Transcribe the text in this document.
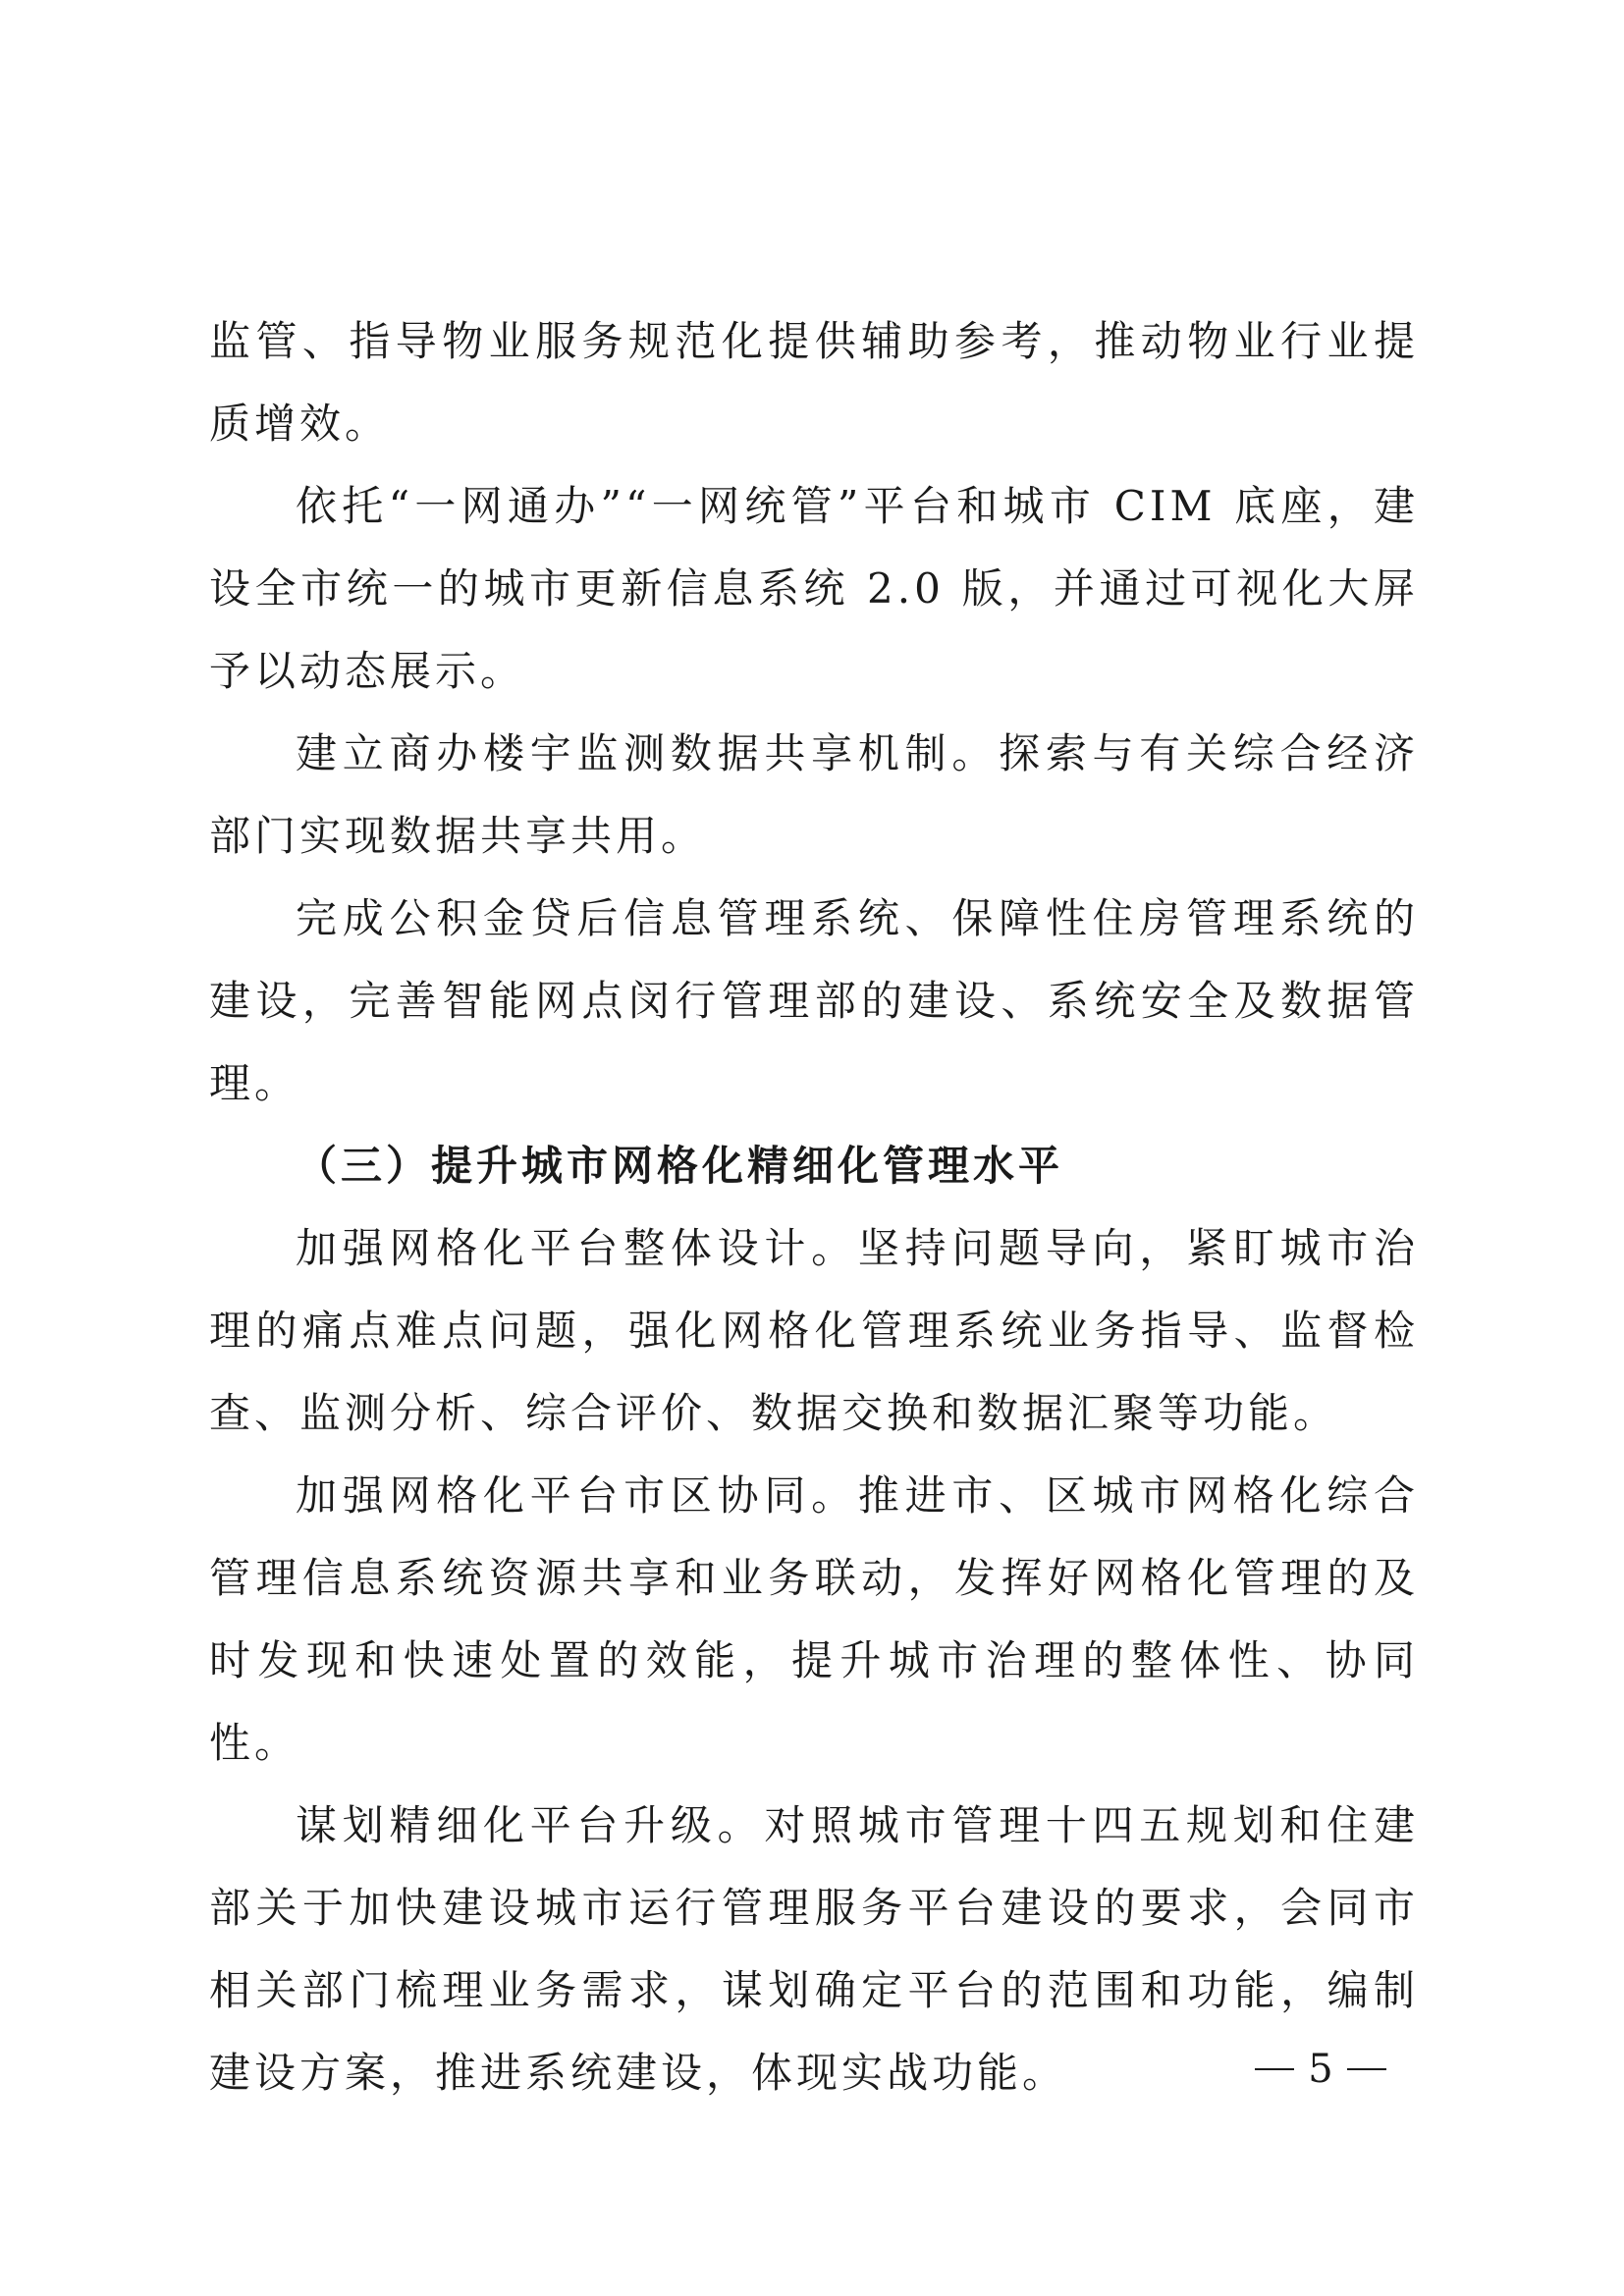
监管、指导物业服务规范化提供辅助参考，推动物业行业提质增效。

依托“一网通办”“一网统管”平台和城市 CIM 底座，建设全市统一的城市更新信息系统 2.0 版，并通过可视化大屏予以动态展示。

建立商办楼宇监测数据共享机制。探索与有关综合经济部门实现数据共享共用。

完成公积金贷后信息管理系统、保障性住房管理系统的建设，完善智能网点闵行管理部的建设、系统安全及数据管理。

（三）提升城市网格化精细化管理水平

加强网格化平台整体设计。坚持问题导向，紧盯城市治理的痛点难点问题，强化网格化管理系统业务指导、监督检查、监测分析、综合评价、数据交换和数据汇聚等功能。

加强网格化平台市区协同。推进市、区城市网格化综合管理信息系统资源共享和业务联动，发挥好网格化管理的及时发现和快速处置的效能，提升城市治理的整体性、协同性。

谋划精细化平台升级。对照城市管理十四五规划和住建部关于加快建设城市运行管理服务平台建设的要求，会同市相关部门梳理业务需求，谋划确定平台的范围和功能，编制建设方案，推进系统建设，体现实战功能。	5
